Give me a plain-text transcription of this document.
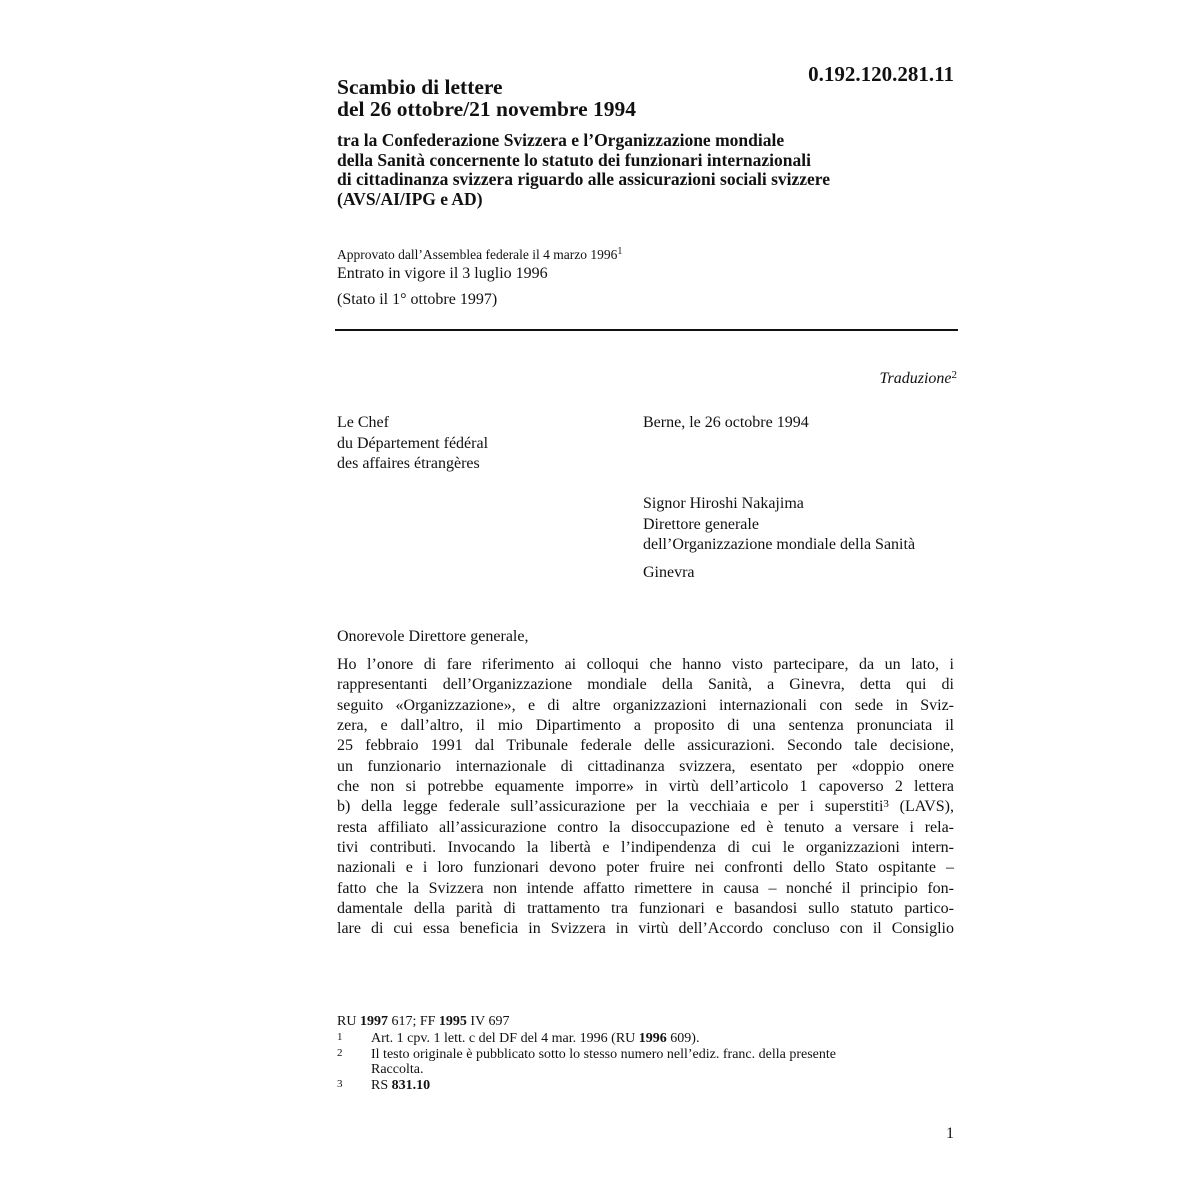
0.192.120.281.11
Scambio di lettere
del 26 ottobre/21 novembre 1994
tra la Confederazione Svizzera e l’Organizzazione mondiale
della Sanità concernente lo statuto dei funzionari internazionali
di cittadinanza svizzera riguardo alle assicurazioni sociali svizzere
(AVS/AI/IPG e AD)
Approvato dall’Assemblea federale il 4 marzo 1996$^1$
Entrato in vigore il 3 luglio 1996
(Stato il 1° ottobre 1997)
Traduzione$^2$
Le Chef
du Département fédéral
des affaires étrangères
Berne, le 26 octobre 1994
Signor Hiroshi Nakajima
Direttore generale
dell’Organizzazione mondiale della Sanità
Ginevra
Onorevole Direttore generale,
Ho l’onore di fare riferimento ai colloqui che hanno visto partecipare, da un lato, i
rappresentanti dell’Organizzazione mondiale della Sanità, a Ginevra, detta qui di
seguito «Organizzazione», e di altre organizzazioni internazionali con sede in Sviz-
zera, e dall’altro, il mio Dipartimento a proposito di una sentenza pronunciata il
25 febbraio 1991 dal Tribunale federale delle assicurazioni. Secondo tale decisione,
un funzionario internazionale di cittadinanza svizzera, esentato per «doppio onere
che non si potrebbe equamente imporre» in virtù dell’articolo 1 capoverso 2 lettera
b) della legge federale sull’assicurazione per la vecchiaia e per i superstiti$^3$ (LAVS),
resta affiliato all’assicurazione contro la disoccupazione ed è tenuto a versare i rela-
tivi contributi. Invocando la libertà e l’indipendenza di cui le organizzazioni intern-
nazionali e i loro funzionari devono poter fruire nei confronti dello Stato ospitante –
fatto che la Svizzera non intende affatto rimettere in causa – nonché il principio fon-
damentale della parità di trattamento tra funzionari e basandosi sullo statuto partico-
lare di cui essa beneficia in Svizzera in virtù dell’Accordo concluso con il Consiglio
RU 1997 617; FF 1995 IV 697
1 Art. 1 cpv. 1 lett. c del DF del 4 mar. 1996 (RU 1996 609).
2 Il testo originale è pubblicato sotto lo stesso numero nell’ediz. franc. della presente
Raccolta.
3 RS 831.10
1
